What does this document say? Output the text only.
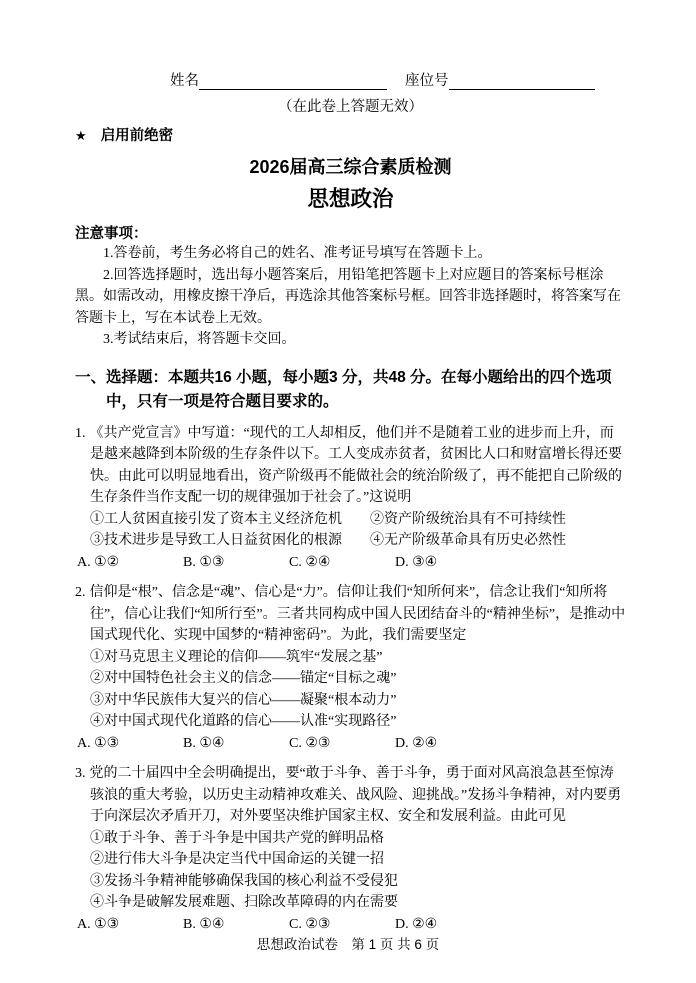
姓名	座位号
（在此卷上答题无效）
★ 启用前绝密
2026届高三综合素质检测
思想政治
注意事项：

1.答卷前，考生务必将自己的姓名、准考证号填写在答题卡上。

2.回答选择题时，选出每小题答案后，用铅笔把答题卡上对应题目的答案标号框涂黑。如需改动，用橡皮擦干净后，再选涂其他答案标号框。回答非选择题时，将答案写在答题卡上，写在本试卷上无效。

3.考试结束后，将答题卡交回。

一、选择题：本题共16 小题，每小题3 分，共48 分。在每小题给出的四个选项中，只有一项是符合题目要求的。

1. 《共产党宣言》中写道：“现代的工人却相反，他们并不是随着工业的进步而上升，而是越来越降到本阶级的生存条件以下。工人变成赤贫者，贫困比人口和财富增长得还要快。由此可以明显地看出，资产阶级再不能做社会的统治阶级了，再不能把自己阶级的生存条件当作支配一切的规律强加于社会了。”这说明

①工人贫困直接引发了资本主义经济危机　　②资产阶级统治具有不可持续性

③技术进步是导致工人日益贫困化的根源　　④无产阶级革命具有历史必然性

A. ①②	B. ①③	C. ②④	D. ③④

2. 信仰是“根”、信念是“魂”、信心是“力”。信仰让我们“知所何来”，信念让我们“知所将往”，信心让我们“知所行至”。三者共同构成中国人民团结奋斗的“精神坐标”，是推动中国式现代化、实现中国梦的“精神密码”。为此，我们需要坚定

①对马克思主义理论的信仰——筑牢“发展之基”

②对中国特色社会主义的信念——锚定“目标之魂”

③对中华民族伟大复兴的信心——凝聚“根本动力”

④对中国式现代化道路的信心——认准“实现路径”

A. ①③	B. ①④	C. ②③	D. ②④

3. 党的二十届四中全会明确提出，要“敢于斗争、善于斗争，勇于面对风高浪急甚至惊涛骇浪的重大考验，以历史主动精神攻难关、战风险、迎挑战。”发扬斗争精神，对内要勇于向深层次矛盾开刀，对外要坚决维护国家主权、安全和发展利益。由此可见

①敢于斗争、善于斗争是中国共产党的鲜明品格

②进行伟大斗争是决定当代中国命运的关键一招

③发扬斗争精神能够确保我国的核心利益不受侵犯

④斗争是破解发展难题、扫除改革障碍的内在需要

A. ①③	B. ①④	C. ②③	D. ②④
思想政治试卷　第 1 页 共 6 页
